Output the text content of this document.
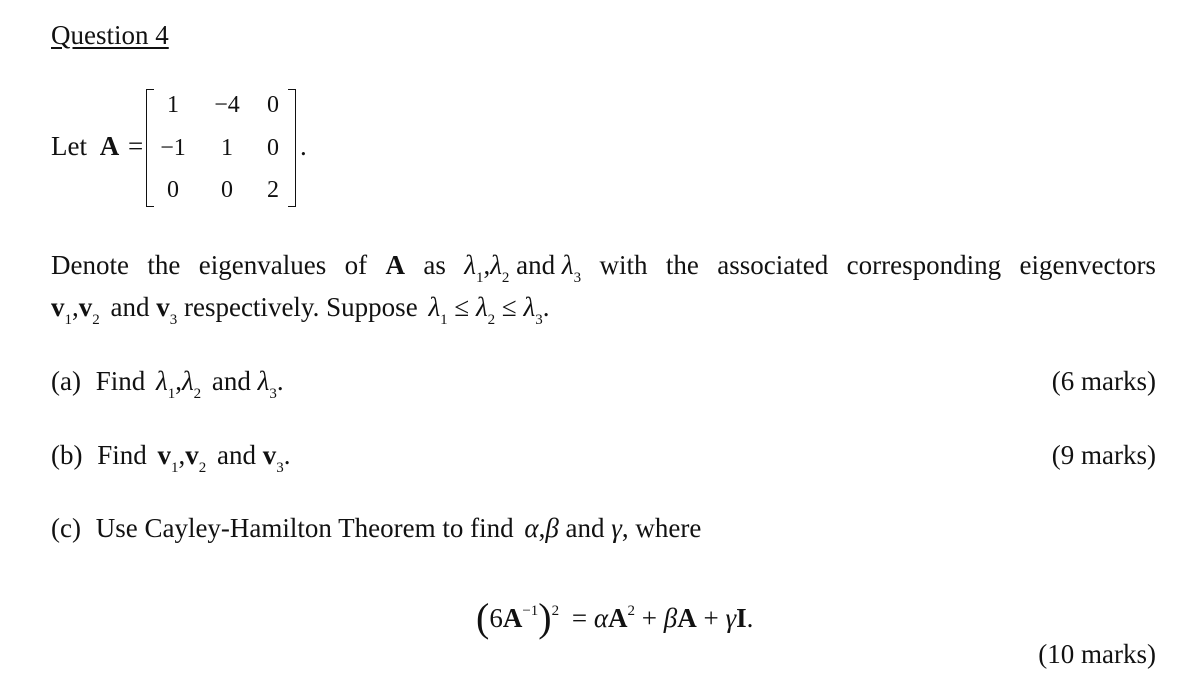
Question 4
Let A =
1	−4	0
−1	1	0
0	0	2
.
Denote the eigenvalues of A as $\lambda_1,\lambda_2$ and $\lambda_3$ with the associated corresponding eigenvectors
$v_1,v_2$ and $v_3$ respectively. Suppose $\lambda_1 \le \lambda_2 \le \lambda_3$.
(a) Find $\lambda_1,\lambda_2$ and $\lambda_3$.	(6 marks)
(b) Find $v_1,v_2$ and $v_3$.	(9 marks)
(c) Use Cayley-Hamilton Theorem to find α,β and γ, where
$(6A^{-1})^2 = \alpha A^2 + \beta A + \gamma I$.
(10 marks)
